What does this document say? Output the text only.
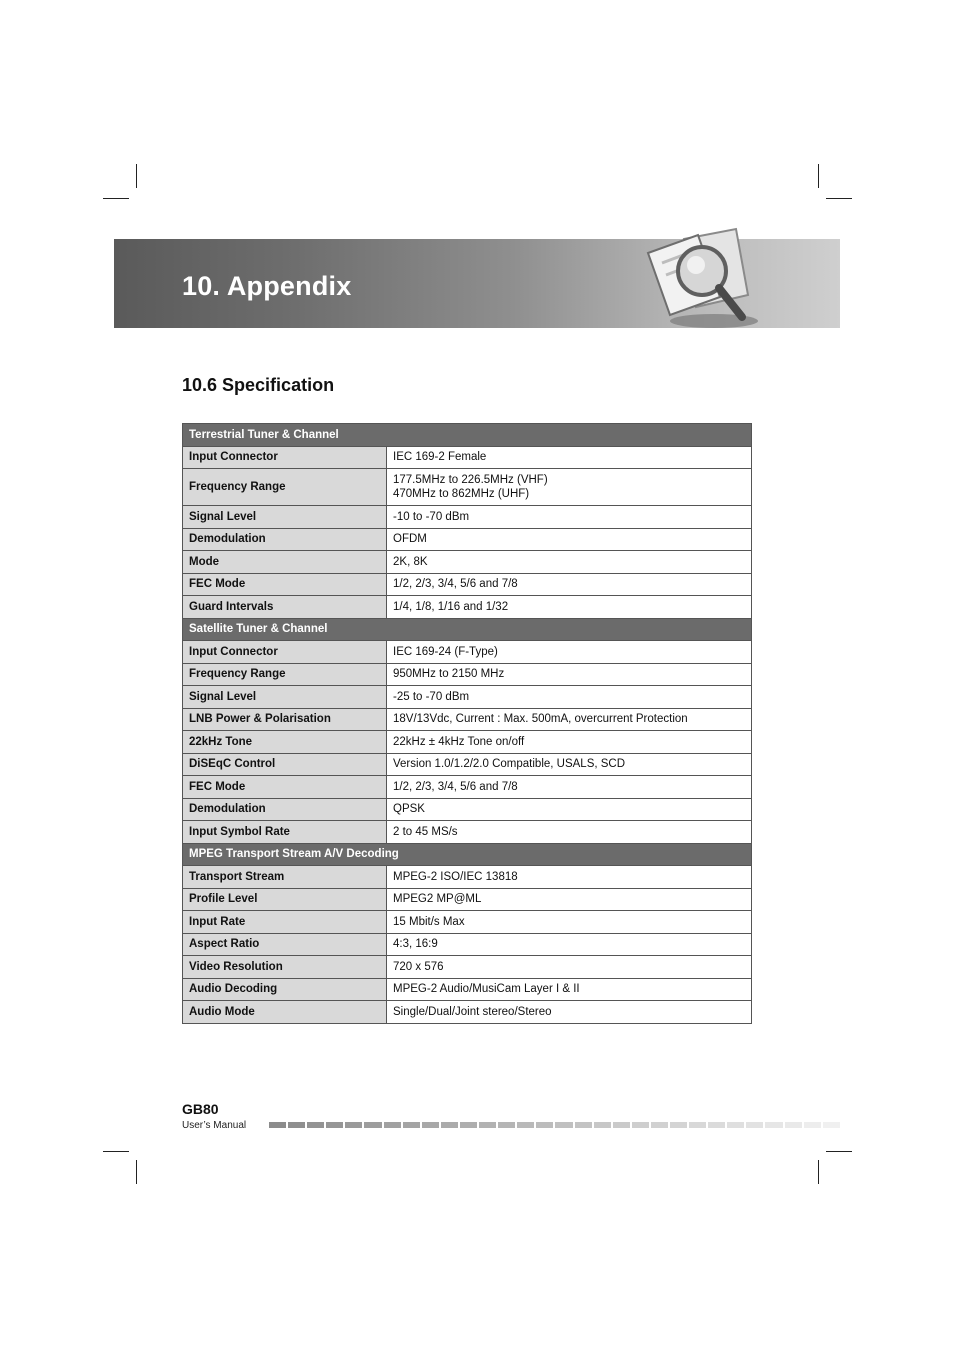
10. Appendix
10.6 Specification
Terrestrial Tuner & Channel	
Input Connector	IEC 169-2 Female
Frequency Range	177.5MHz to 226.5MHz (VHF)
470MHz to 862MHz (UHF)
Signal Level	-10 to -70 dBm
Demodulation	OFDM
Mode	2K, 8K
FEC Mode	1/2, 2/3, 3/4, 5/6 and 7/8
Guard Intervals	1/4, 1/8, 1/16 and 1/32
Satellite Tuner & Channel	
Input Connector	IEC 169-24 (F-Type)
Frequency Range	950MHz to 2150 MHz
Signal Level	-25 to -70 dBm
LNB Power & Polarisation	18V/13Vdc, Current : Max. 500mA, overcurrent Protection
22kHz Tone	22kHz ± 4kHz Tone on/off
DiSEqC Control	Version 1.0/1.2/2.0 Compatible, USALS, SCD
FEC Mode	1/2, 2/3, 3/4, 5/6 and 7/8
Demodulation	QPSK
Input Symbol Rate	2 to 45 MS/s
MPEG Transport Stream A/V Decoding	
Transport Stream	MPEG-2 ISO/IEC 13818
Profile Level	MPEG2 MP@ML
Input Rate	15 Mbit/s Max
Aspect Ratio	4:3, 16:9
Video Resolution	720 x 576
Audio Decoding	MPEG-2 Audio/MusiCam Layer I & II
Audio Mode	Single/Dual/Joint stereo/Stereo
GB80
User’s Manual
